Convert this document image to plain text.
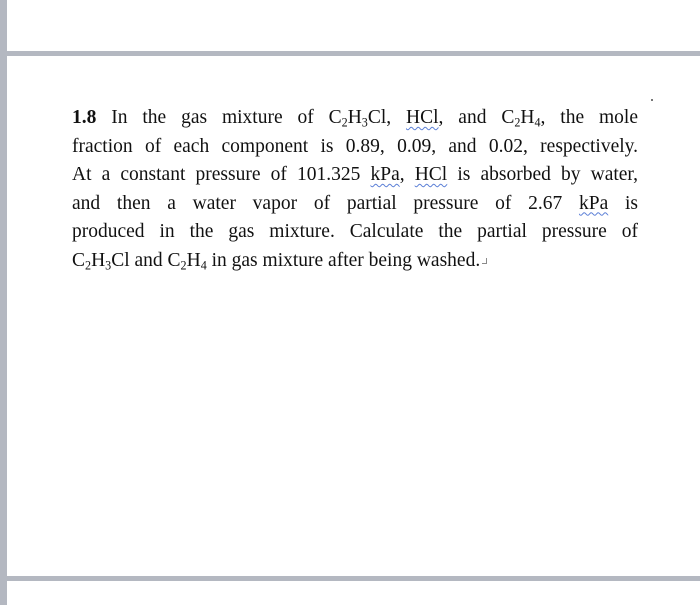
1.8 In the gas mixture of $C_2H_3Cl$, HCl, and $C_2H_4$, the mole
fraction of each component is 0.89, 0.09, and 0.02, respectively.
At a constant pressure of 101.325 kPa, HCl is absorbed by water,
and then a water vapor of partial pressure of 2.67 kPa is
produced in the gas mixture. Calculate the partial pressure of
$C_2H_3Cl$ and $C_2H_4$ in gas mixture after being washed.
